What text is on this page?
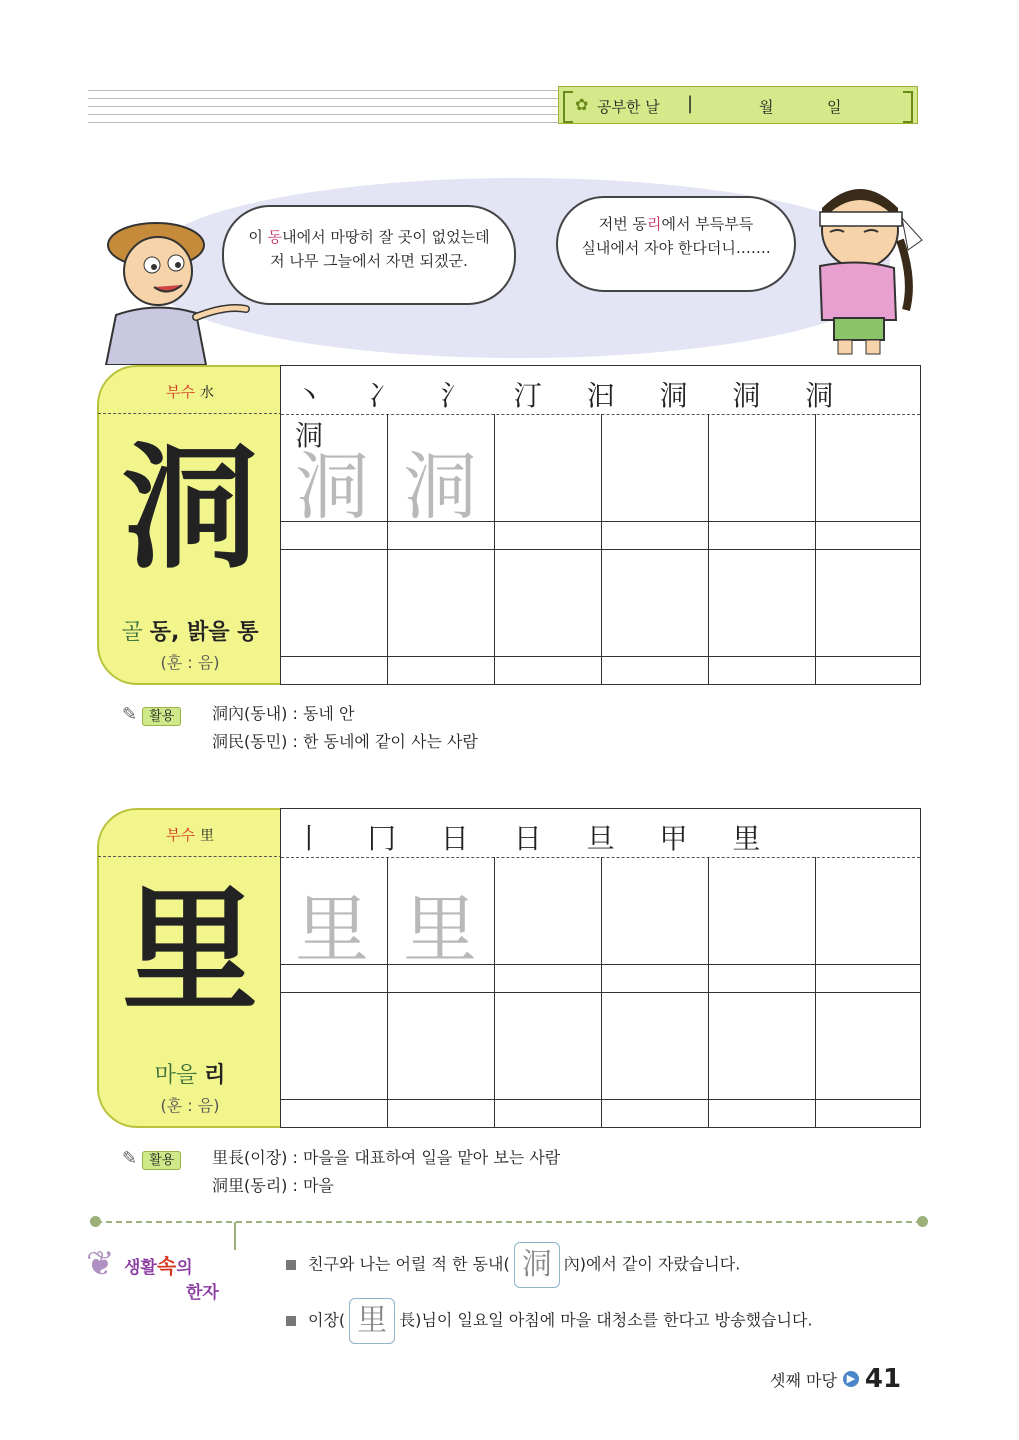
✿ 공부한 날 |	월	일
이 동내에서 마땅히 잘 곳이 없었는데
저 나무 그늘에서 자면 되겠군.
저번 동리에서 부득부득
실내에서 자야 한다더니…….
부수 水
洞
골 동, 밝을 통
(훈 : 음)
丶 冫 氵 汀 汩 洞 洞 洞 洞
洞 洞
✎ 활용	洞內(동내) : 동네 안
洞民(동민) : 한 동네에 같이 사는 사람
부수 里
里
마을 리
(훈 : 음)
丨 冂 日 日 旦 甲 里
里 里
✎ 활용	里長(이장) : 마을을 대표하여 일을 맡아 보는 사람
洞里(동리) : 마을
❦ 생활속의
한자
친구와 나는 어릴 적 한 동내( 洞 內)에서 같이 자랐습니다.
이장( 里 長)님이 일요일 아침에 마을 대청소를 한다고 방송했습니다.
셋째 마당 ▶ 41
